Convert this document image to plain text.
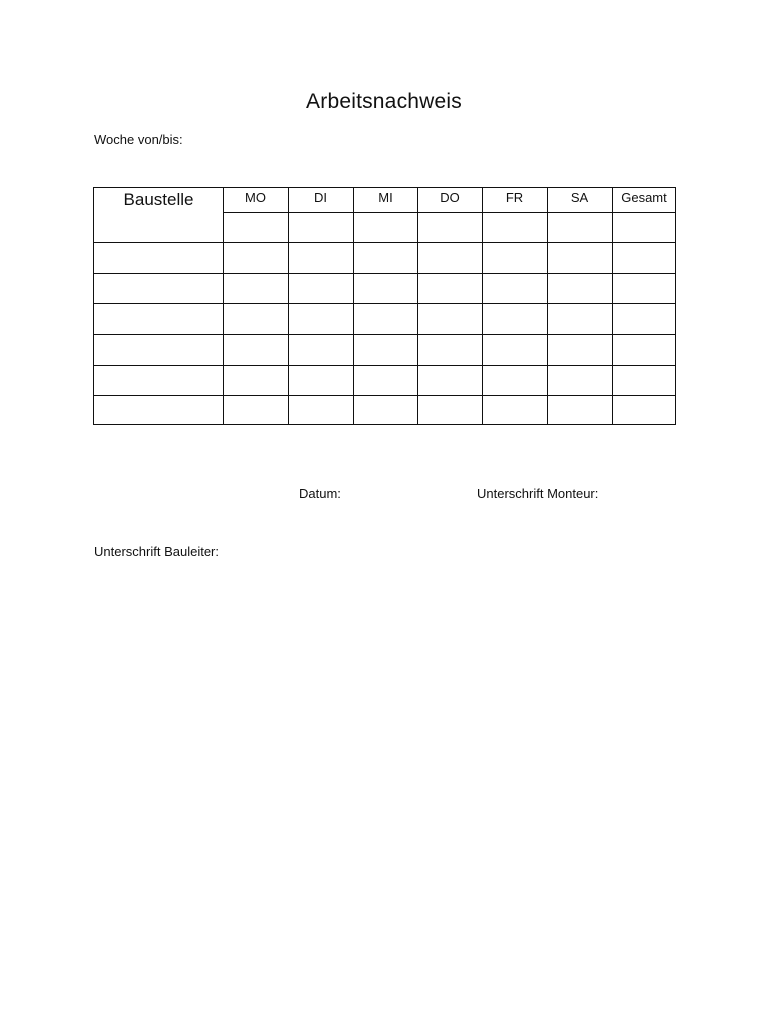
Arbeitsnachweis
Woche von/bis:
Baustelle	MO	DI	MI	DO	FR	SA	Gesamt
Datum:	Unterschrift Monteur:
Unterschrift Bauleiter:
